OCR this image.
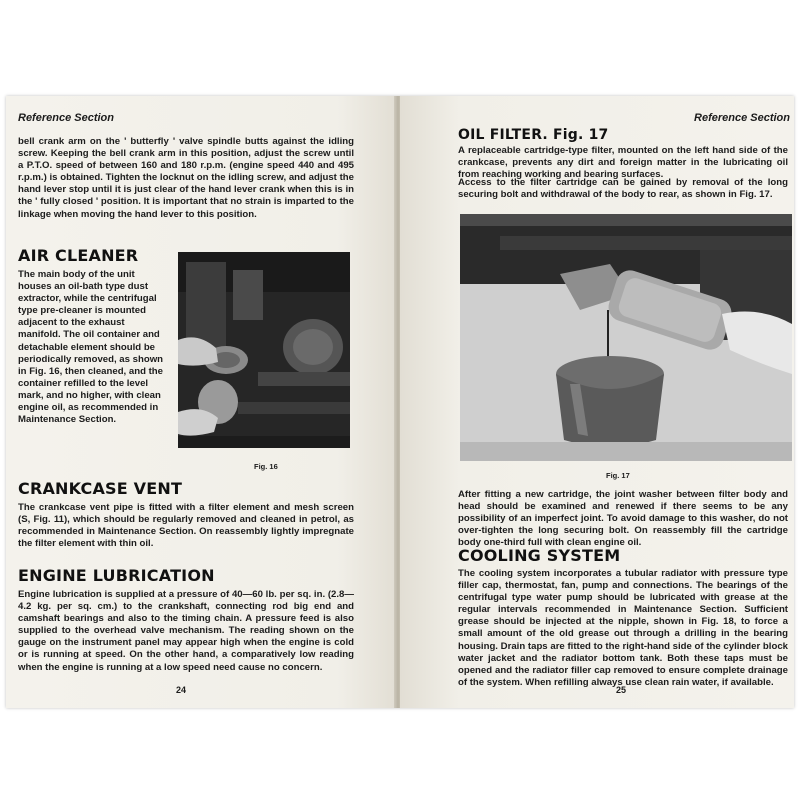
Reference Section

bell crank arm on the ' butterfly ' valve spindle butts against the idling screw. Keeping the bell crank arm in this position, adjust the screw until a P.T.O. speed of between 160 and 180 r.p.m. (engine speed 440 and 495 r.p.m.) is obtained. Tighten the locknut on the idling screw, and adjust the hand lever stop until it is just clear of the hand lever crank when this is in the ' fully closed ' position. It is important that no strain is imparted to the linkage when moving the hand lever to this position.

AIR CLEANER

The main body of the unit houses an oil-bath type dust extractor, while the centrifugal type pre-cleaner is mounted adjacent to the exhaust manifold. The oil container and detachable element should be periodically removed, as shown in Fig. 16, then cleaned, and the container refilled to the level mark, and no higher, with clean engine oil, as recommended in Maintenance Section.

Fig. 16
CRANKCASE VENT

The crankcase vent pipe is fitted with a filter element and mesh screen (S, Fig. 11), which should be regularly removed and cleaned in petrol, as recommended in Maintenance Section. On reassembly lightly impregnate the filter element with thin oil.

ENGINE LUBRICATION

Engine lubrication is supplied at a pressure of 40—60 lb. per sq. in. (2.8—4.2 kg. per sq. cm.) to the crankshaft, connecting rod big end and camshaft bearings and also to the timing chain. A pressure feed is also supplied to the overhead valve mechanism. The reading shown on the gauge on the instrument panel may appear high when the engine is cold or is running at speed. On the other hand, a comparatively low reading when the engine is running at a low speed need cause no concern.

24
Reference Section
OIL FILTER. Fig. 17

A replaceable cartridge-type filter, mounted on the left hand side of the crankcase, prevents any dirt and foreign matter in the lubricating oil from reaching working and bearing surfaces.

Access to the filter cartridge can be gained by removal of the long securing bolt and withdrawal of the body to rear, as shown in Fig. 17.

Fig. 17

After fitting a new cartridge, the joint washer between filter body and head should be examined and renewed if there seems to be any possibility of an imperfect joint. To avoid damage to this washer, do not over-tighten the long securing bolt. On reassembly fill the cartridge body one-third full with clean engine oil.

COOLING SYSTEM

The cooling system incorporates a tubular radiator with pressure type filler cap, thermostat, fan, pump and connections. The bearings of the centrifugal type water pump should be lubricated with grease at the regular intervals recommended in Maintenance Section. Sufficient grease should be injected at the nipple, shown in Fig. 18, to force a small amount of the old grease out through a drilling in the bearing housing. Drain taps are fitted to the right-hand side of the cylinder block water jacket and the radiator bottom tank. Both these taps must be opened and the radiator filler cap removed to ensure complete drainage of the system. When refilling always use clean rain water, if available.

25
